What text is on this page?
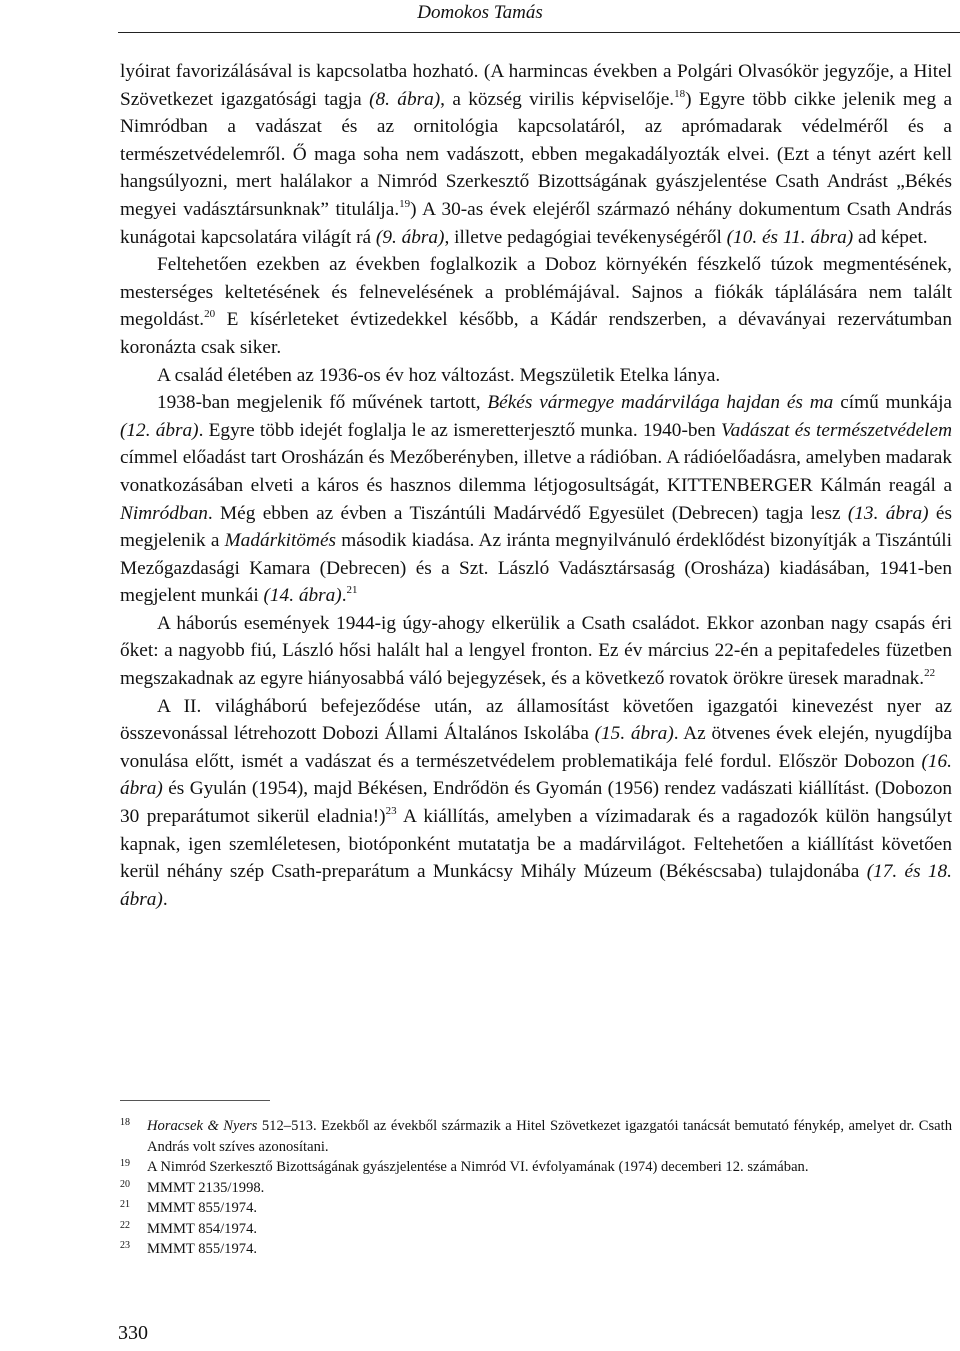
Domokos Tamás

lyóirat favorizálásával is kapcsolatba hozható. (A harmincas években a Polgári Olvasókör jegyzője, a Hitel Szövetkezet igazgatósági tagja (8. ábra), a község virilis képviselője.$^{18}$) Egyre több cikke jelenik meg a Nimródban a vadászat és az ornitológia kapcsolatáról, az aprómadarak védelméről és a természetvédelemről. Ő maga soha nem vadászott, ebben megakadályozták elvei. (Ezt a tényt azért kell hangsúlyozni, mert halálakor a Nimród Szerkesztő Bizottságának gyászjelentése Csath Andrást „Békés megyei vadásztársunknak” titulálja.$^{19}$) A 30-as évek elejéről származó néhány dokumentum Csath András kunágotai kapcsolatára világít rá (9. ábra), illetve pedagógiai tevékenységéről (10. és 11. ábra) ad képet.

Feltehetően ezekben az években foglalkozik a Doboz környékén fészkelő túzok megmentésének, mesterséges keltetésének és felnevelésének a problémájával. Sajnos a fiókák táplálására nem talált megoldást.$^{20}$ E kísérleteket évtizedekkel később, a Kádár rendszerben, a dévaványai rezervátumban koronázta csak siker.

A család életében az 1936-os év hoz változást. Megszületik Etelka lánya.

1938-ban megjelenik fő művének tartott, Békés vármegye madárvilága hajdan és ma című munkája (12. ábra). Egyre több idejét foglalja le az ismeretterjesztő munka. 1940-ben Vadászat és természetvédelem címmel előadást tart Orosházán és Mezőberényben, illetve a rádióban. A rádióelőadásra, amelyben madarak vonatkozásában elveti a káros és hasznos dilemma létjogosultságát, KITTENBERGER Kálmán reagál a Nimródban. Még ebben az évben a Tiszántúli Madárvédő Egyesület (Debrecen) tagja lesz (13. ábra) és megjelenik a Madárkitömés második kiadása. Az iránta megnyilvánuló érdeklődést bizonyítják a Tiszántúli Mezőgazdasági Kamara (Debrecen) és a Szt. László Vadásztársaság (Orosháza) kiadásában, 1941-ben megjelent munkái (14. ábra).$^{21}$

A háborús események 1944-ig úgy-ahogy elkerülik a Csath családot. Ekkor azonban nagy csapás éri őket: a nagyobb fiú, László hősi halált hal a lengyel fronton. Ez év március 22-én a pepitafedeles füzetben megszakadnak az egyre hiányosabbá váló bejegyzések, és a következő rovatok örökre üresek maradnak.$^{22}$

A II. világháború befejeződése után, az államosítást követően igazgatói kinevezést nyer az összevonással létrehozott Dobozi Állami Általános Iskolába (15. ábra). Az ötvenes évek elején, nyugdíjba vonulása előtt, ismét a vadászat és a természetvédelem problematikája felé fordul. Először Dobozon (16. ábra) és Gyulán (1954), majd Békésen, Endrődön és Gyomán (1956) rendez vadászati kiállítást. (Dobozon 30 preparátumot sikerül eladnia!)$^{23}$ A kiállítás, amelyben a vízimadarak és a ragadozók külön hangsúlyt kapnak, igen szemléletesen, biotóponként mutatatja be a madárvilágot. Feltehetően a kiállítást követően kerül néhány szép Csath-preparátum a Munkácsy Mihály Múzeum (Békéscsaba) tulajdonába (17. és 18. ábra).

18 Horacsek & Nyers 512–513. Ezekből az évekből származik a Hitel Szövetkezet igazgatói tanácsát bemutató fénykép, amelyet dr. Csath András volt szíves azonosítani.
19 A Nimród Szerkesztő Bizottságának gyászjelentése a Nimród VI. évfolyamának (1974) decemberi 12. számában.
20 MMMT 2135/1998.
21 MMMT 855/1974.
22 MMMT 854/1974.
23 MMMT 855/1974.
330
